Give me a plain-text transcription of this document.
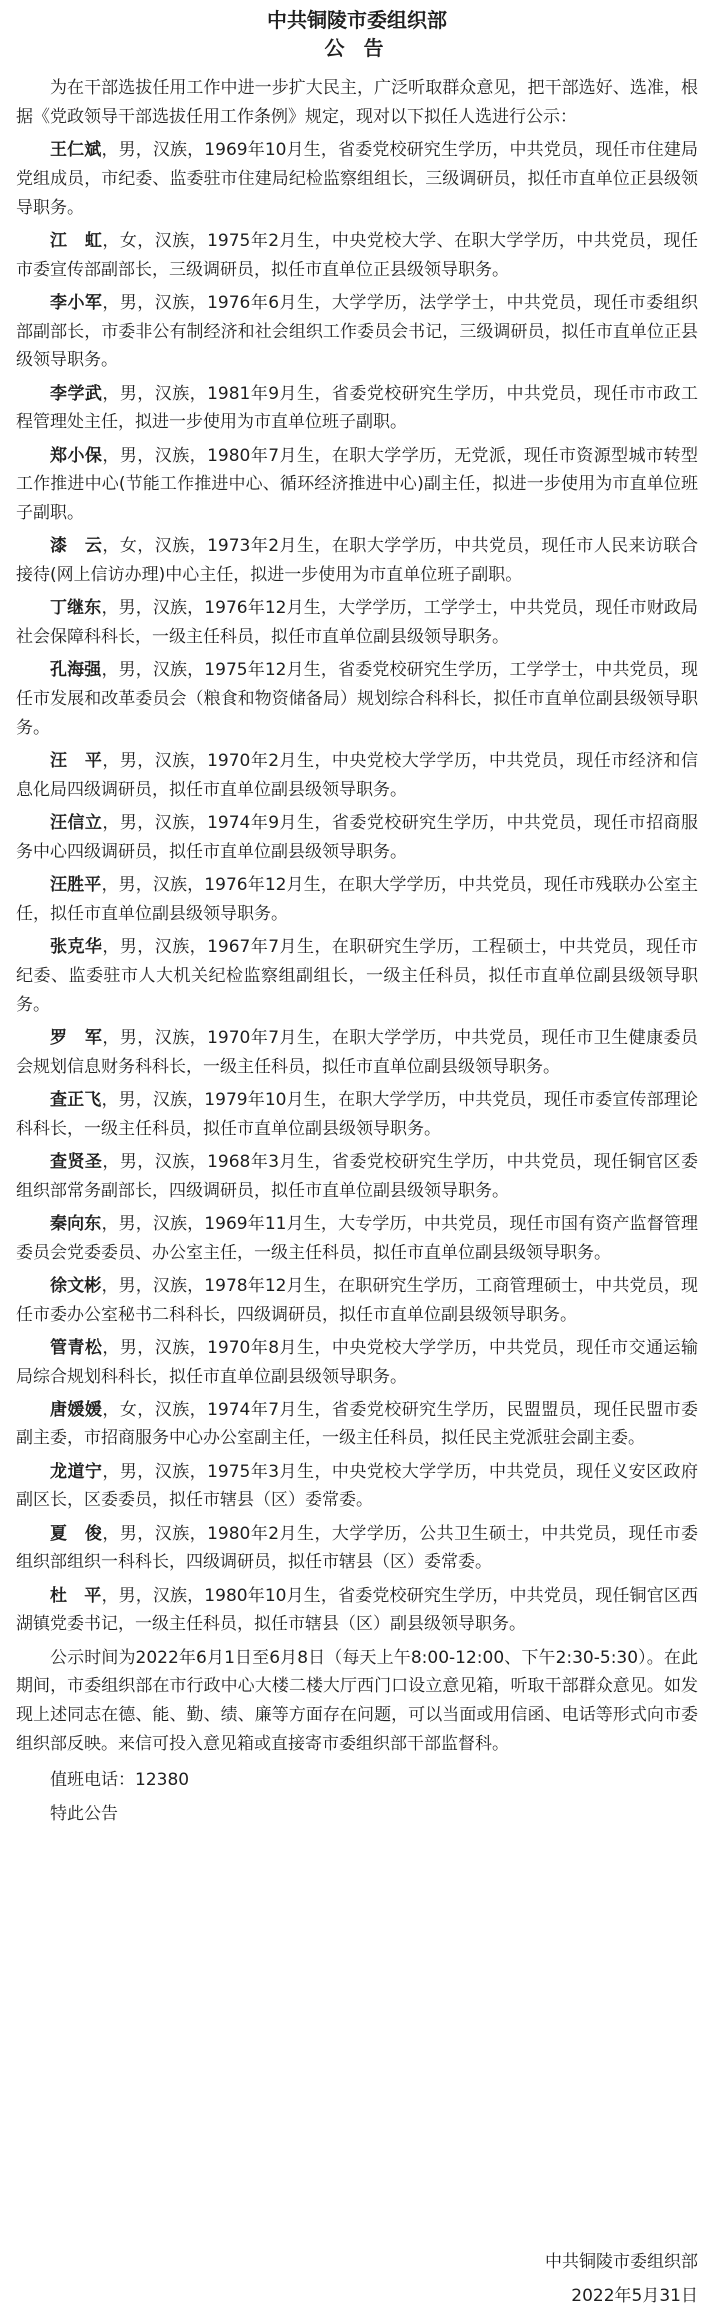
中共铜陵市委组织部
公 告

为在干部选拔任用工作中进一步扩大民主，广泛听取群众意见，把干部选好、选准，根据《党政领导干部选拔任用工作条例》规定，现对以下拟任人选进行公示：

王仁斌，男，汉族，1969年10月生，省委党校研究生学历，中共党员，现任市住建局党组成员，市纪委、监委驻市住建局纪检监察组组长，三级调研员，拟任市直单位正县级领导职务。

江　虹，女，汉族，1975年2月生，中央党校大学、在职大学学历，中共党员，现任市委宣传部副部长，三级调研员，拟任市直单位正县级领导职务。

李小军，男，汉族，1976年6月生，大学学历，法学学士，中共党员，现任市委组织部副部长，市委非公有制经济和社会组织工作委员会书记，三级调研员，拟任市直单位正县级领导职务。

李学武，男，汉族，1981年9月生，省委党校研究生学历，中共党员，现任市市政工程管理处主任，拟进一步使用为市直单位班子副职。

郑小保，男，汉族，1980年7月生，在职大学学历，无党派，现任市资源型城市转型工作推进中心(节能工作推进中心、循环经济推进中心)副主任，拟进一步使用为市直单位班子副职。

漆　云，女，汉族，1973年2月生，在职大学学历，中共党员，现任市人民来访联合接待(网上信访办理)中心主任，拟进一步使用为市直单位班子副职。

丁继东，男，汉族，1976年12月生，大学学历，工学学士，中共党员，现任市财政局社会保障科科长，一级主任科员，拟任市直单位副县级领导职务。

孔海强，男，汉族，1975年12月生，省委党校研究生学历，工学学士，中共党员，现任市发展和改革委员会（粮食和物资储备局）规划综合科科长，拟任市直单位副县级领导职务。

汪　平，男，汉族，1970年2月生，中央党校大学学历，中共党员，现任市经济和信息化局四级调研员，拟任市直单位副县级领导职务。

汪信立，男，汉族，1974年9月生，省委党校研究生学历，中共党员，现任市招商服务中心四级调研员，拟任市直单位副县级领导职务。

汪胜平，男，汉族，1976年12月生，在职大学学历，中共党员，现任市残联办公室主任，拟任市直单位副县级领导职务。

张克华，男，汉族，1967年7月生，在职研究生学历，工程硕士，中共党员，现任市纪委、监委驻市人大机关纪检监察组副组长，一级主任科员，拟任市直单位副县级领导职务。

罗　军，男，汉族，1970年7月生，在职大学学历，中共党员，现任市卫生健康委员会规划信息财务科科长，一级主任科员，拟任市直单位副县级领导职务。

查正飞，男，汉族，1979年10月生，在职大学学历，中共党员，现任市委宣传部理论科科长，一级主任科员，拟任市直单位副县级领导职务。

查贤圣，男，汉族，1968年3月生，省委党校研究生学历，中共党员，现任铜官区委组织部常务副部长，四级调研员，拟任市直单位副县级领导职务。

秦向东，男，汉族，1969年11月生，大专学历，中共党员，现任市国有资产监督管理委员会党委委员、办公室主任，一级主任科员，拟任市直单位副县级领导职务。

徐文彬，男，汉族，1978年12月生，在职研究生学历，工商管理硕士，中共党员，现任市委办公室秘书二科科长，四级调研员，拟任市直单位副县级领导职务。

管青松，男，汉族，1970年8月生，中央党校大学学历，中共党员，现任市交通运输局综合规划科科长，拟任市直单位副县级领导职务。

唐媛媛，女，汉族，1974年7月生，省委党校研究生学历，民盟盟员，现任民盟市委副主委，市招商服务中心办公室副主任，一级主任科员，拟任民主党派驻会副主委。

龙道宁，男，汉族，1975年3月生，中央党校大学学历，中共党员，现任义安区政府副区长，区委委员，拟任市辖县（区）委常委。

夏　俊，男，汉族，1980年2月生，大学学历，公共卫生硕士，中共党员，现任市委组织部组织一科科长，四级调研员，拟任市辖县（区）委常委。

杜　平，男，汉族，1980年10月生，省委党校研究生学历，中共党员，现任铜官区西湖镇党委书记，一级主任科员，拟任市辖县（区）副县级领导职务。

公示时间为2022年6月1日至6月8日（每天上午8:00-12:00、下午2:30-5:30）。在此期间，市委组织部在市行政中心大楼二楼大厅西门口设立意见箱，听取干部群众意见。如发现上述同志在德、能、勤、绩、廉等方面存在问题，可以当面或用信函、电话等形式向市委组织部反映。来信可投入意见箱或直接寄市委组织部干部监督科。

值班电话：12380
特此公告
中共铜陵市委组织部
2022年5月31日
